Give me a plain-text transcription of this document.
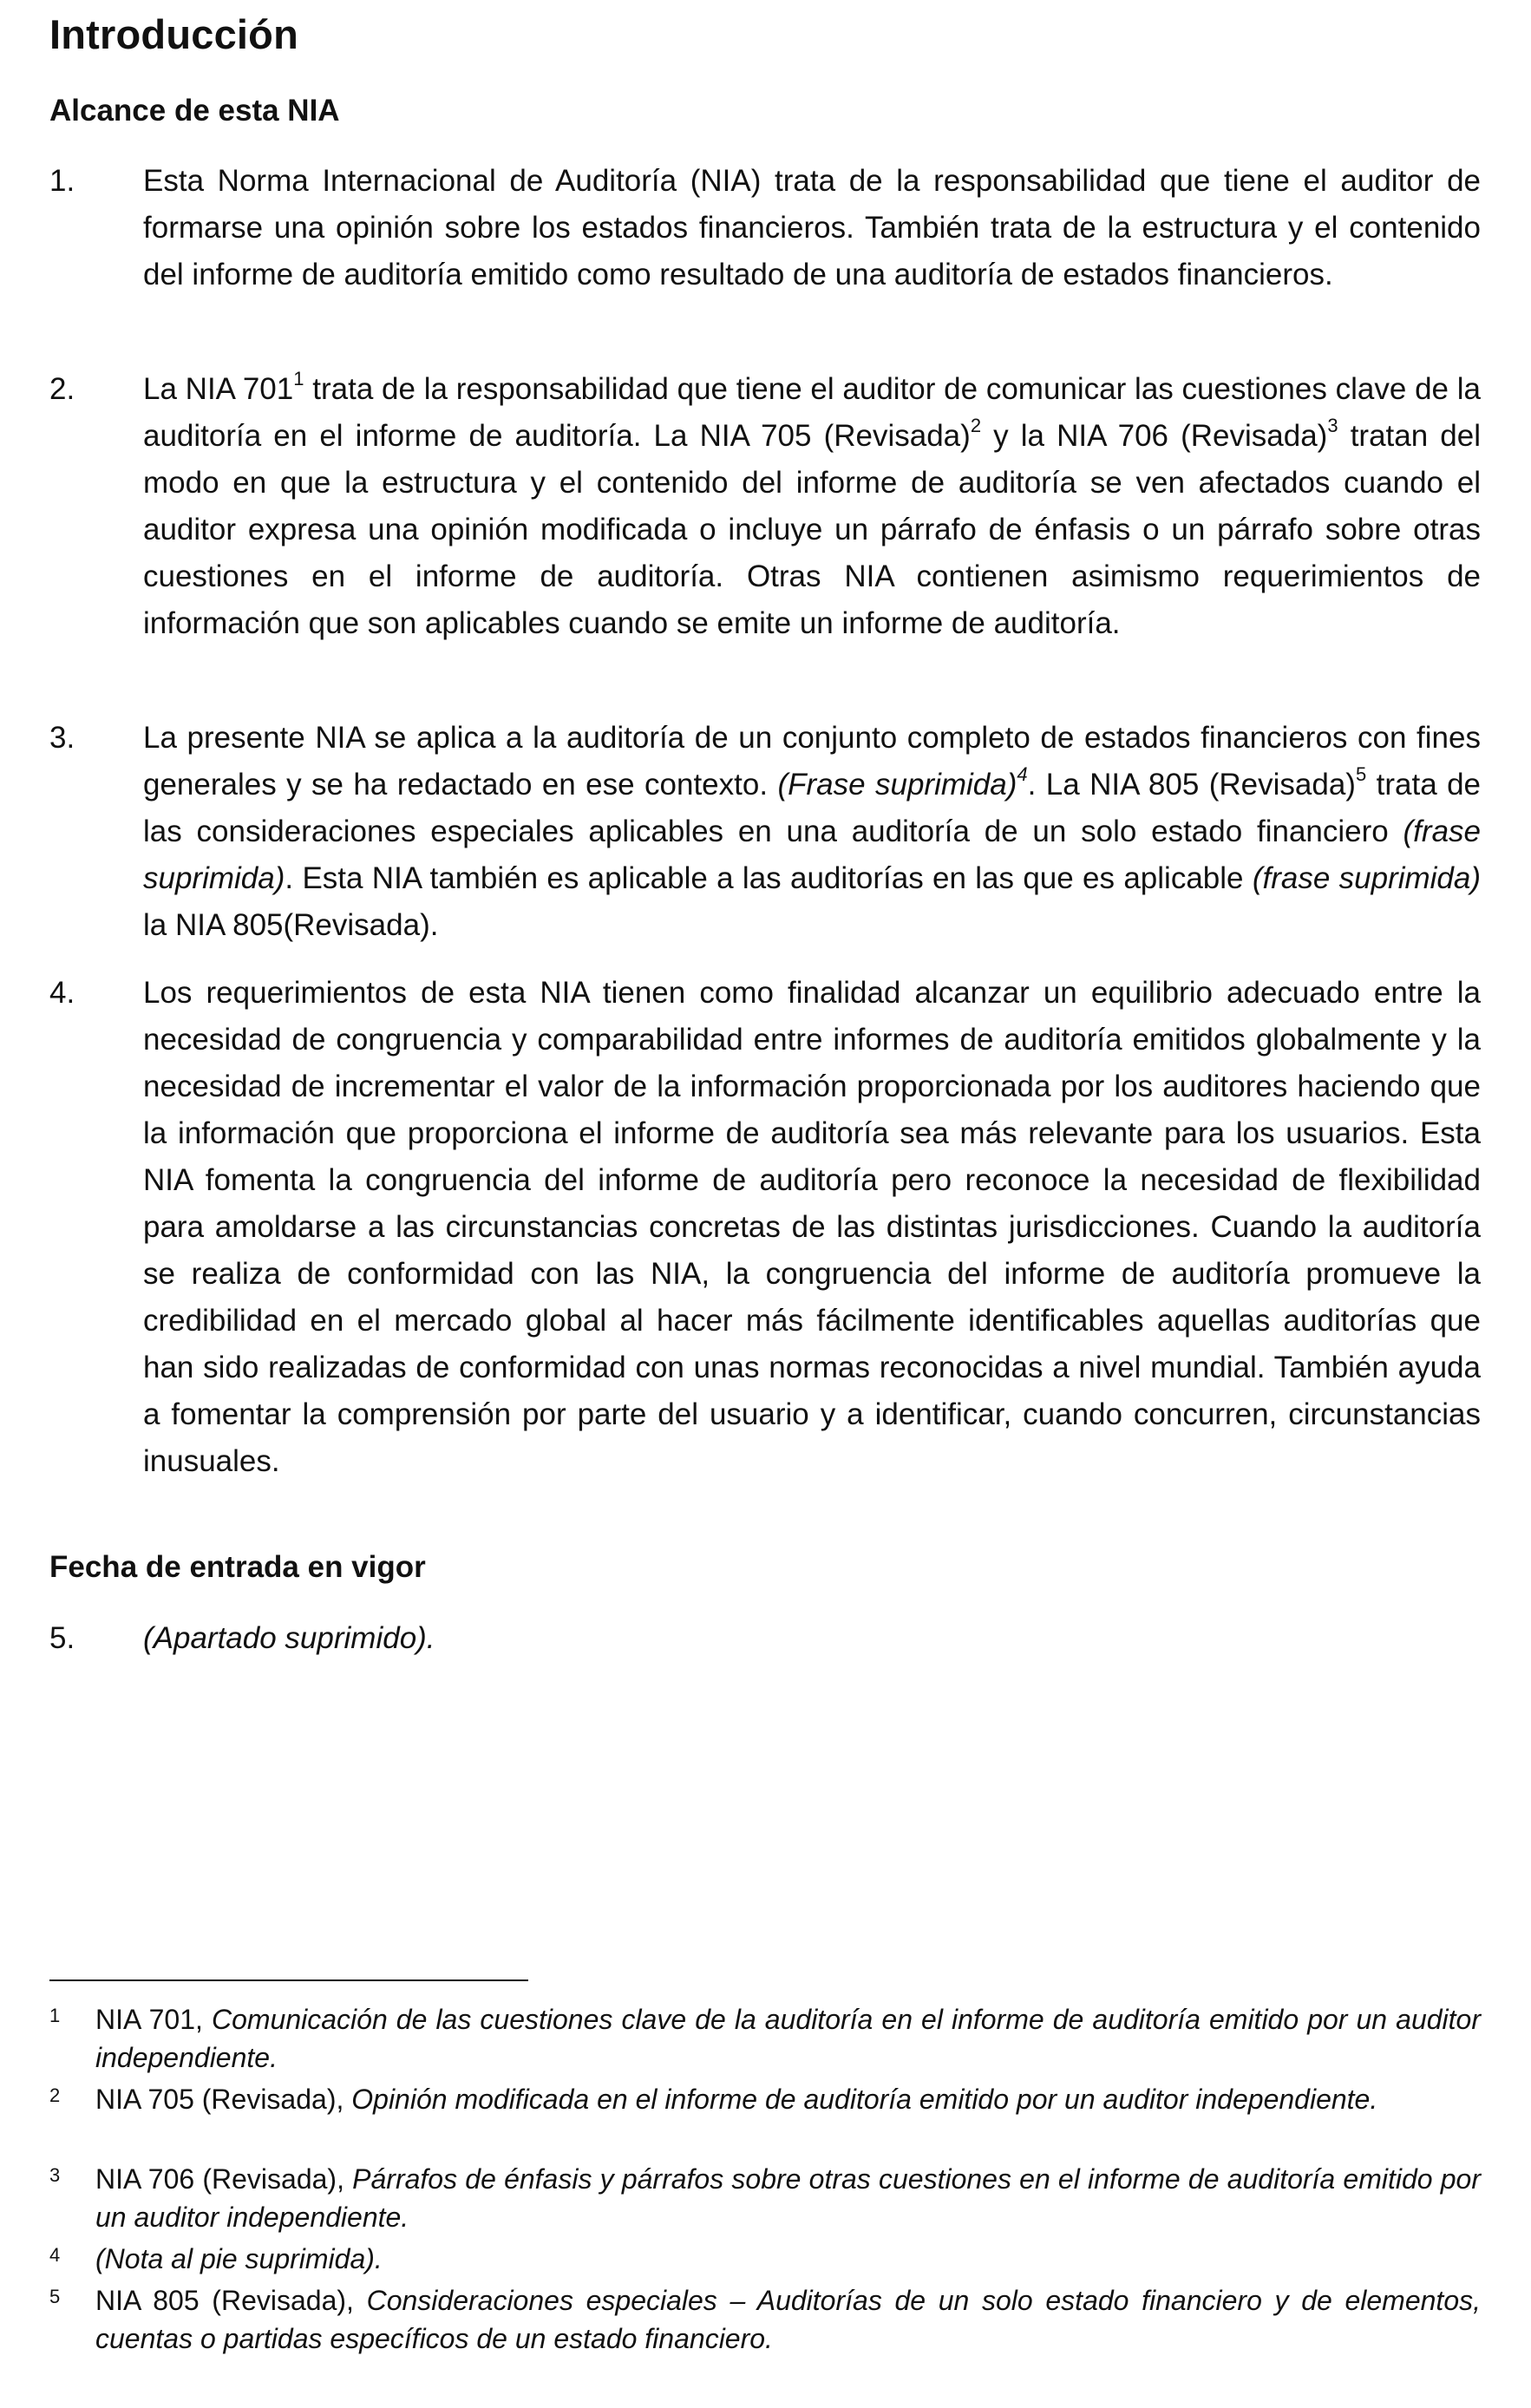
Introducción
Alcance de esta NIA
1.	Esta Norma Internacional de Auditoría (NIA) trata de la responsabilidad que tiene el auditor de formarse una opinión sobre los estados financieros. También trata de la estructura y el contenido del informe de auditoría emitido como resultado de una auditoría de estados financieros.
2.	La NIA $701^1$ trata de la responsabilidad que tiene el auditor de comunicar las cuestiones clave de la auditoría en el informe de auditoría. La NIA 705 (Revisada)$^2$ y la NIA 706 (Revisada)$^3$ tratan del modo en que la estructura y el contenido del informe de auditoría se ven afectados cuando el auditor expresa una opinión modificada o incluye un párrafo de énfasis o un párrafo sobre otras cuestiones en el informe de auditoría. Otras NIA contienen asimismo requerimientos de información que son aplicables cuando se emite un informe de auditoría.
3.	La presente NIA se aplica a la auditoría de un conjunto completo de estados financieros con fines generales y se ha redactado en ese contexto. (Frase suprimida)$^4$. La NIA 805 (Revisada)$^5$ trata de las consideraciones especiales aplicables en una auditoría de un solo estado financiero (frase suprimida). Esta NIA también es aplicable a las auditorías en las que es aplicable (frase suprimida) la NIA 805(Revisada).
4.	Los requerimientos de esta NIA tienen como finalidad alcanzar un equilibrio adecuado entre la necesidad de congruencia y comparabilidad entre informes de auditoría emitidos globalmente y la necesidad de incrementar el valor de la información proporcionada por los auditores haciendo que la información que proporciona el informe de auditoría sea más relevante para los usuarios. Esta NIA fomenta la congruencia del informe de auditoría pero reconoce la necesidad de flexibilidad para amoldarse a las circunstancias concretas de las distintas jurisdicciones. Cuando la auditoría se realiza de conformidad con las NIA, la congruencia del informe de auditoría promueve la credibilidad en el mercado global al hacer más fácilmente identificables aquellas auditorías que han sido realizadas de conformidad con unas normas reconocidas a nivel mundial. También ayuda a fomentar la comprensión por parte del usuario y a identificar, cuando concurren, circunstancias inusuales.
Fecha de entrada en vigor
5.	(Apartado suprimido).
1	NIA 701, Comunicación de las cuestiones clave de la auditoría en el informe de auditoría emitido por un auditor independiente.
2	NIA 705 (Revisada), Opinión modificada en el informe de auditoría emitido por un auditor independiente.
3	NIA 706 (Revisada), Párrafos de énfasis y párrafos sobre otras cuestiones en el informe de auditoría emitido por un auditor independiente.
4	(Nota al pie suprimida).
5	NIA 805 (Revisada), Consideraciones especiales – Auditorías de un solo estado financiero y de elementos, cuentas o partidas específicos de un estado financiero.
